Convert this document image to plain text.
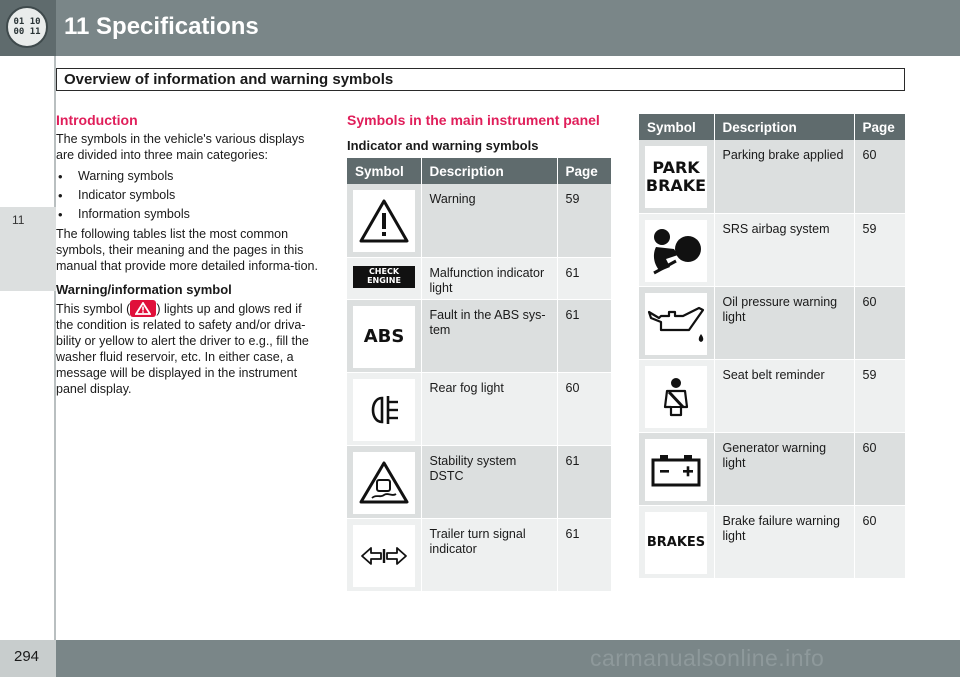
01 10
00 11 11 Specifications
11
Overview of information and warning symbols
Introduction
The symbols in the vehicle's various displays are divided into three main categories:
• Warning symbols
• Indicator symbols
• Information symbols
The following tables list the most common symbols, their meaning and the pages in this manual that provide more detailed informa-tion.
Warning/information symbol
This symbol ( ) lights up and glows red if the condition is related to safety and/or driva-bility or yellow to alert the driver to e.g., fill the washer fluid reservoir, etc. In either case, a message will be displayed in the instrument panel display.
Symbols in the main instrument panel
Indicator and warning symbols
Symbol	Description	Page

	Warning	59

CHECK
ENGINE	Malfunction indicator light	61

ABS	Fault in the ABS sys-tem	61

	Rear fog light	60

	Stability system DSTC	61

	Trailer turn signal indicator	61
Symbol	Description	Page

PARK
BRAKE	Parking brake applied	60

	SRS airbag system	59

	Oil pressure warning light	60

	Seat belt reminder	59

	Generator warning light	60

BRAKES	Brake failure warning light	60
294	carmanualsonline.info
